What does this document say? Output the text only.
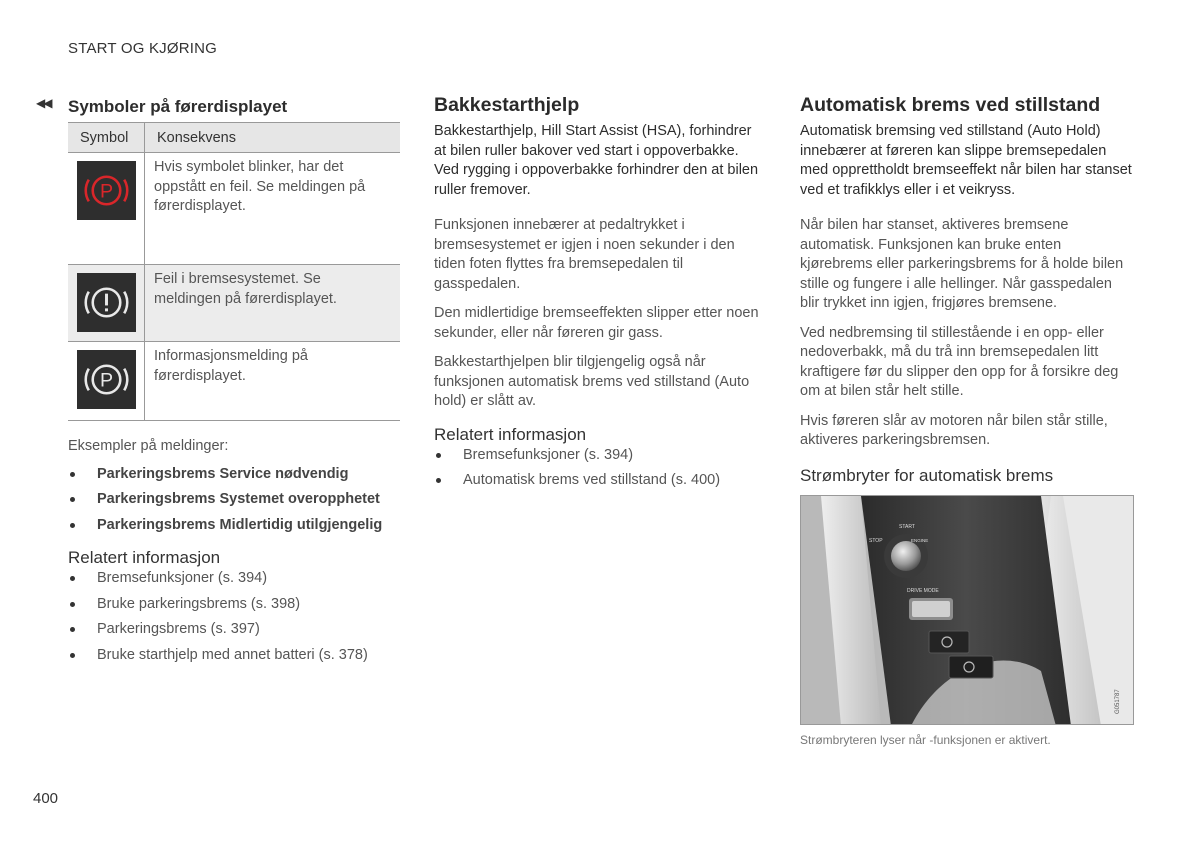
START OG KJØRING
◀◀ Symboler på førerdisplayet
Symbol	Konsekvens

P	Hvis symbolet blinker, har det oppstått en feil. Se meldingen på førerdisplayet.

	Feil i bremsesystemet. Se meldingen på førerdisplayet.

P	Informasjonsmelding på førerdisplayet.

Eksempler på meldinger:

Parkeringsbrems Service nødvendig
Parkeringsbrems Systemet overopphetet
Parkeringsbrems Midlertidig utilgjengelig
Relatert informasjon
Bremsefunksjoner (s. 394)
Bruke parkeringsbrems (s. 398)
Parkeringsbrems (s. 397)
Bruke starthjelp med annet batteri (s. 378)
Bakkestarthjelp

Bakkestarthjelp, Hill Start Assist (HSA), forhindrer at bilen ruller bakover ved start i oppoverbakke. Ved rygging i oppoverbakke forhindrer den at bilen ruller fremover.

Funksjonen innebærer at pedaltrykket i bremsesystemet er igjen i noen sekunder i den tiden foten flyttes fra bremsepedalen til gasspedalen.

Den midlertidige bremseeffekten slipper etter noen sekunder, eller når føreren gir gass.

Bakkestarthjelpen blir tilgjengelig også når funksjonen automatisk brems ved stillstand (Auto hold) er slått av.

Relatert informasjon
Bremsefunksjoner (s. 394)
Automatisk brems ved stillstand (s. 400)
Automatisk brems ved stillstand

Automatisk bremsing ved stillstand (Auto Hold) innebærer at føreren kan slippe bremsepedalen med opprettholdt bremseeffekt når bilen har stanset ved et trafikklys eller i et veikryss.

Når bilen har stanset, aktiveres bremsene automatisk. Funksjonen kan bruke enten kjørebrems eller parkeringsbrems for å holde bilen stille og fungere i alle hellinger. Når gasspedalen blir trykket inn igjen, frigjøres bremsene.

Ved nedbremsing til stillestående i en opp- eller nedoverbakk, må du trå inn bremsepedalen litt kraftigere før du slipper den opp for å forsikre deg om at bilen står helt stille.

Hvis føreren slår av motoren når bilen står stille, aktiveres parkeringsbremsen.

Strømbryter for automatisk brems
STOP
START
ENGINE
DRIVE MODE
G051787
Strømbryteren lyser når -funksjonen er aktivert.
400
